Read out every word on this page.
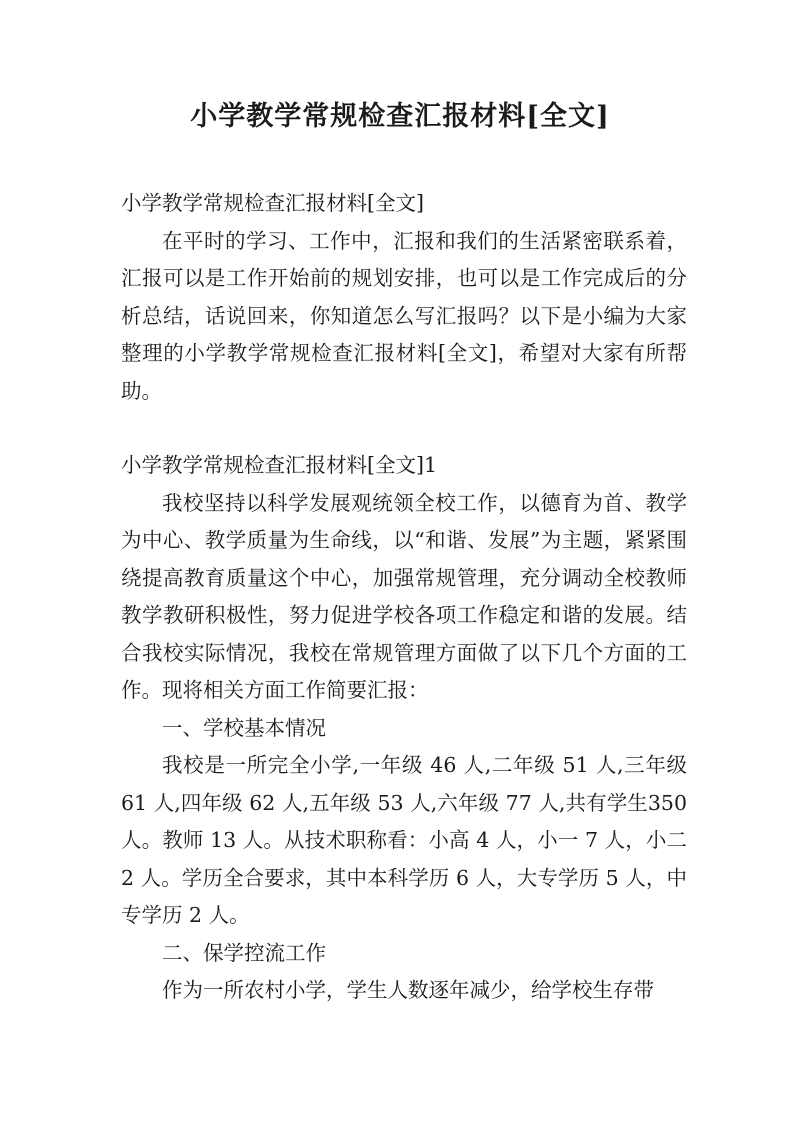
小学教学常规检查汇报材料[全文]

小学教学常规检查汇报材料[全文]

在平时的学习、工作中，汇报和我们的生活紧密联系着，汇报可以是工作开始前的规划安排，也可以是工作完成后的分析总结，话说回来，你知道怎么写汇报吗？以下是小编为大家整理的小学教学常规检查汇报材料[全文]，希望对大家有所帮助。

小学教学常规检查汇报材料[全文]1

我校坚持以科学发展观统领全校工作，以德育为首、教学为中心、教学质量为生命线，以“和谐、发展”为主题，紧紧围绕提高教育质量这个中心，加强常规管理，充分调动全校教师教学教研积极性，努力促进学校各项工作稳定和谐的发展。结合我校实际情况，我校在常规管理方面做了以下几个方面的工作。现将相关方面工作简要汇报：

一、学校基本情况

我校是一所完全小学,一年级 46 人,二年级 51 人,三年级 61 人,四年级 62 人,五年级 53 人,六年级 77 人,共有学生350 人。教师 13 人。从技术职称看：小高 4 人，小一 7 人，小二 2 人。学历全合要求，其中本科学历 6 人，大专学历 5 人，中专学历 2 人。

二、保学控流工作

作为一所农村小学，学生人数逐年减少，给学校生存带
